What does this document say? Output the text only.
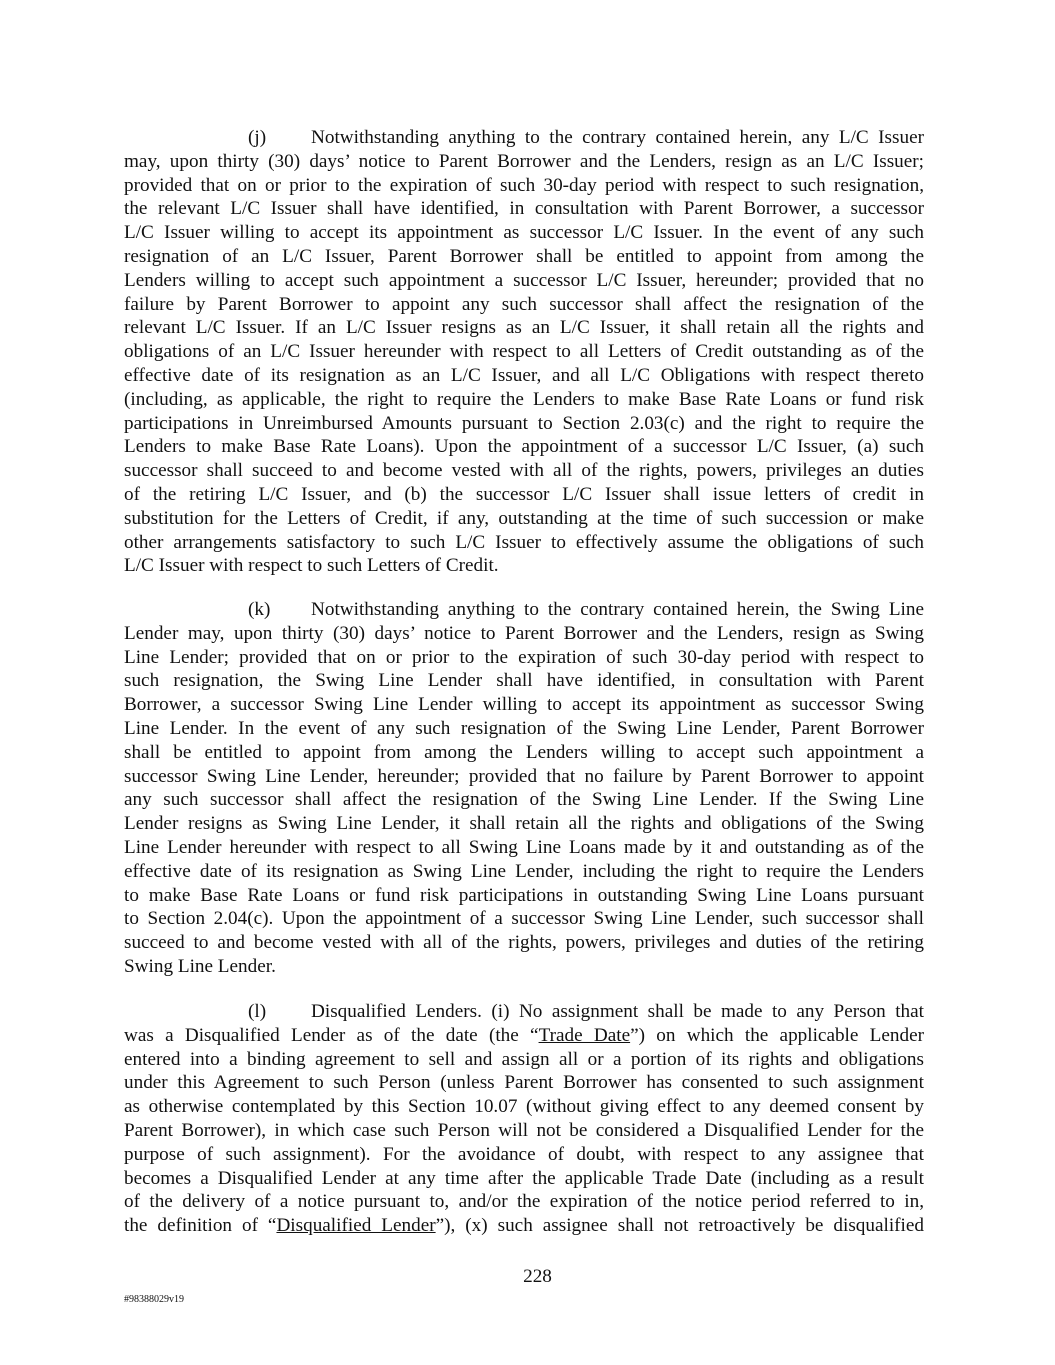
(j)	Notwithstanding anything to the contrary contained herein, any L/C Issuer
may, upon thirty (30) days’ notice to Parent Borrower and the Lenders, resign as an L/C Issuer;
provided that on or prior to the expiration of such 30-day period with respect to such resignation,
the relevant L/C Issuer shall have identified, in consultation with Parent Borrower, a successor
L/C Issuer willing to accept its appointment as successor L/C Issuer. In the event of any such
resignation of an L/C Issuer, Parent Borrower shall be entitled to appoint from among the
Lenders willing to accept such appointment a successor L/C Issuer, hereunder; provided that no
failure by Parent Borrower to appoint any such successor shall affect the resignation of the
relevant L/C Issuer. If an L/C Issuer resigns as an L/C Issuer, it shall retain all the rights and
obligations of an L/C Issuer hereunder with respect to all Letters of Credit outstanding as of the
effective date of its resignation as an L/C Issuer, and all L/C Obligations with respect thereto
(including, as applicable, the right to require the Lenders to make Base Rate Loans or fund risk
participations in Unreimbursed Amounts pursuant to Section 2.03(c) and the right to require the
Lenders to make Base Rate Loans). Upon the appointment of a successor L/C Issuer, (a) such
successor shall succeed to and become vested with all of the rights, powers, privileges an duties
of the retiring L/C Issuer, and (b) the successor L/C Issuer shall issue letters of credit in
substitution for the Letters of Credit, if any, outstanding at the time of such succession or make
other arrangements satisfactory to such L/C Issuer to effectively assume the obligations of such
L/C Issuer with respect to such Letters of Credit.
(k)	Notwithstanding anything to the contrary contained herein, the Swing Line
Lender may, upon thirty (30) days’ notice to Parent Borrower and the Lenders, resign as Swing
Line Lender; provided that on or prior to the expiration of such 30-day period with respect to
such resignation, the Swing Line Lender shall have identified, in consultation with Parent
Borrower, a successor Swing Line Lender willing to accept its appointment as successor Swing
Line Lender. In the event of any such resignation of the Swing Line Lender, Parent Borrower
shall be entitled to appoint from among the Lenders willing to accept such appointment a
successor Swing Line Lender, hereunder; provided that no failure by Parent Borrower to appoint
any such successor shall affect the resignation of the Swing Line Lender. If the Swing Line
Lender resigns as Swing Line Lender, it shall retain all the rights and obligations of the Swing
Line Lender hereunder with respect to all Swing Line Loans made by it and outstanding as of the
effective date of its resignation as Swing Line Lender, including the right to require the Lenders
to make Base Rate Loans or fund risk participations in outstanding Swing Line Loans pursuant
to Section 2.04(c). Upon the appointment of a successor Swing Line Lender, such successor shall
succeed to and become vested with all of the rights, powers, privileges and duties of the retiring
Swing Line Lender.
(l)	Disqualified Lenders. (i) No assignment shall be made to any Person that
was a Disqualified Lender as of the date (the “Trade Date”) on which the applicable Lender
entered into a binding agreement to sell and assign all or a portion of its rights and obligations
under this Agreement to such Person (unless Parent Borrower has consented to such assignment
as otherwise contemplated by this Section 10.07 (without giving effect to any deemed consent by
Parent Borrower), in which case such Person will not be considered a Disqualified Lender for the
purpose of such assignment). For the avoidance of doubt, with respect to any assignee that
becomes a Disqualified Lender at any time after the applicable Trade Date (including as a result
of the delivery of a notice pursuant to, and/or the expiration of the notice period referred to in,
the definition of “Disqualified Lender”), (x) such assignee shall not retroactively be disqualified
228
#98388029v19
